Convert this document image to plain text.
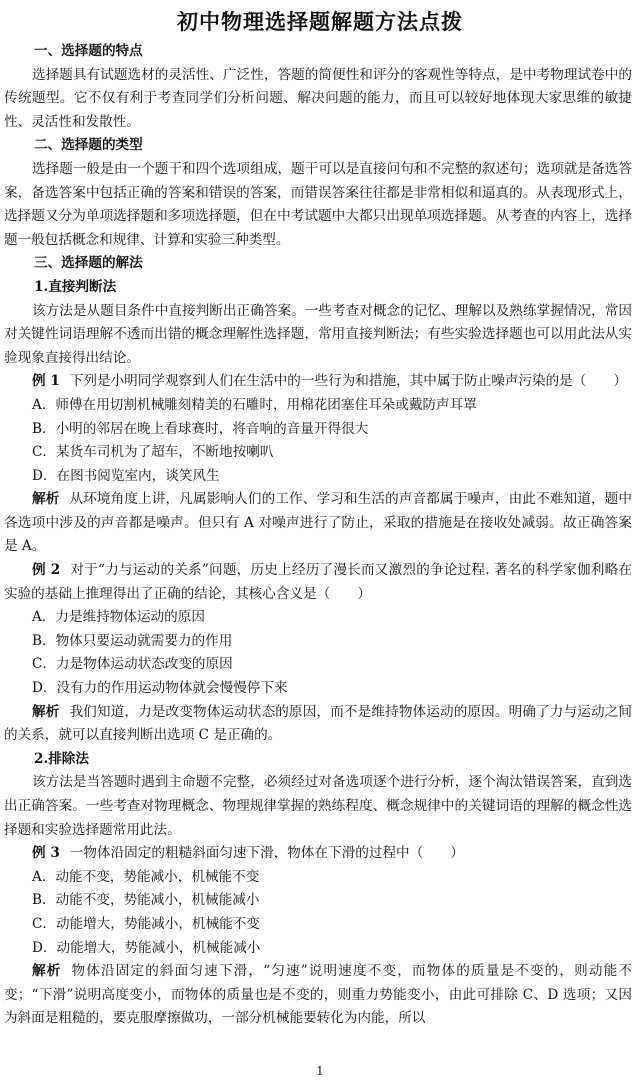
初中物理选择题解题方法点拨

一、选择题的特点

选择题具有试题选材的灵活性、广泛性，答题的简便性和评分的客观性等特点，是中考物理试卷中的传统题型。它不仅有利于考查同学们分析问题、解决问题的能力，而且可以较好地体现大家思维的敏捷性、灵活性和发散性。

二、选择题的类型

选择题一般是由一个题干和四个选项组成，题干可以是直接问句和不完整的叙述句；选项就是备选答案，备选答案中包括正确的答案和错误的答案，而错误答案往往都是非常相似和逼真的。从表现形式上，选择题又分为单项选择题和多项选择题，但在中考试题中大都只出现单项选择题。从考查的内容上，选择题一般包括概念和规律、计算和实验三种类型。

三、选择题的解法

1.直接判断法

该方法是从题目条件中直接判断出正确答案。一些考查对概念的记忆、理解以及熟练掌握情况，常因对关键性词语理解不透而出错的概念理解性选择题，常用直接判断法；有些实验选择题也可以用此法从实验现象直接得出结论。

例 1 下列是小明同学观察到人们在生活中的一些行为和措施，其中属于防止噪声污染的是（　　）

A．师傅在用切割机械雕刻精美的石雕时，用棉花团塞住耳朵或戴防声耳罩

B．小明的邻居在晚上看球赛时，将音响的音量开得很大

C．某货车司机为了超车，不断地按喇叭

D．在图书阅览室内，谈笑风生

解析 从环境角度上讲，凡属影响人们的工作、学习和生活的声音都属于噪声，由此不难知道，题中各选项中涉及的声音都是噪声。但只有 A 对噪声进行了防止，采取的措施是在接收处减弱。故正确答案是 A。

例 2 对于“力与运动的关系”问题，历史上经历了漫长而又激烈的争论过程. 著名的科学家伽利略在实验的基础上推理得出了正确的结论，其核心含义是（　　）

A．力是维持物体运动的原因

B．物体只要运动就需要力的作用

C．力是物体运动状态改变的原因

D．没有力的作用运动物体就会慢慢停下来

解析 我们知道，力是改变物体运动状态的原因，而不是维持物体运动的原因。明确了力与运动之间的关系，就可以直接判断出选项 C 是正确的。

2.排除法

该方法是当答题时遇到主命题不完整，必须经过对备选项逐个进行分析，逐个淘汰错误答案，直到选出正确答案。一些考查对物理概念、物理规律掌握的熟练程度、概念规律中的关键词语的理解的概念性选择题和实验选择题常用此法。

例 3 一物体沿固定的粗糙斜面匀速下滑，物体在下滑的过程中（　　）

A．动能不变，势能减小，机械能不变

B．动能不变，势能减小，机械能减小

C．动能增大，势能减小，机械能不变

D．动能增大，势能减小，机械能减小

解析 物体沿固定的斜面匀速下滑，“匀速”说明速度不变，而物体的质量是不变的，则动能不变；“下滑”说明高度变小，而物体的质量也是不变的，则重力势能变小，由此可排除 C、D 选项；又因为斜面是粗糙的，要克服摩擦做功，一部分机械能要转化为内能，所以

1
